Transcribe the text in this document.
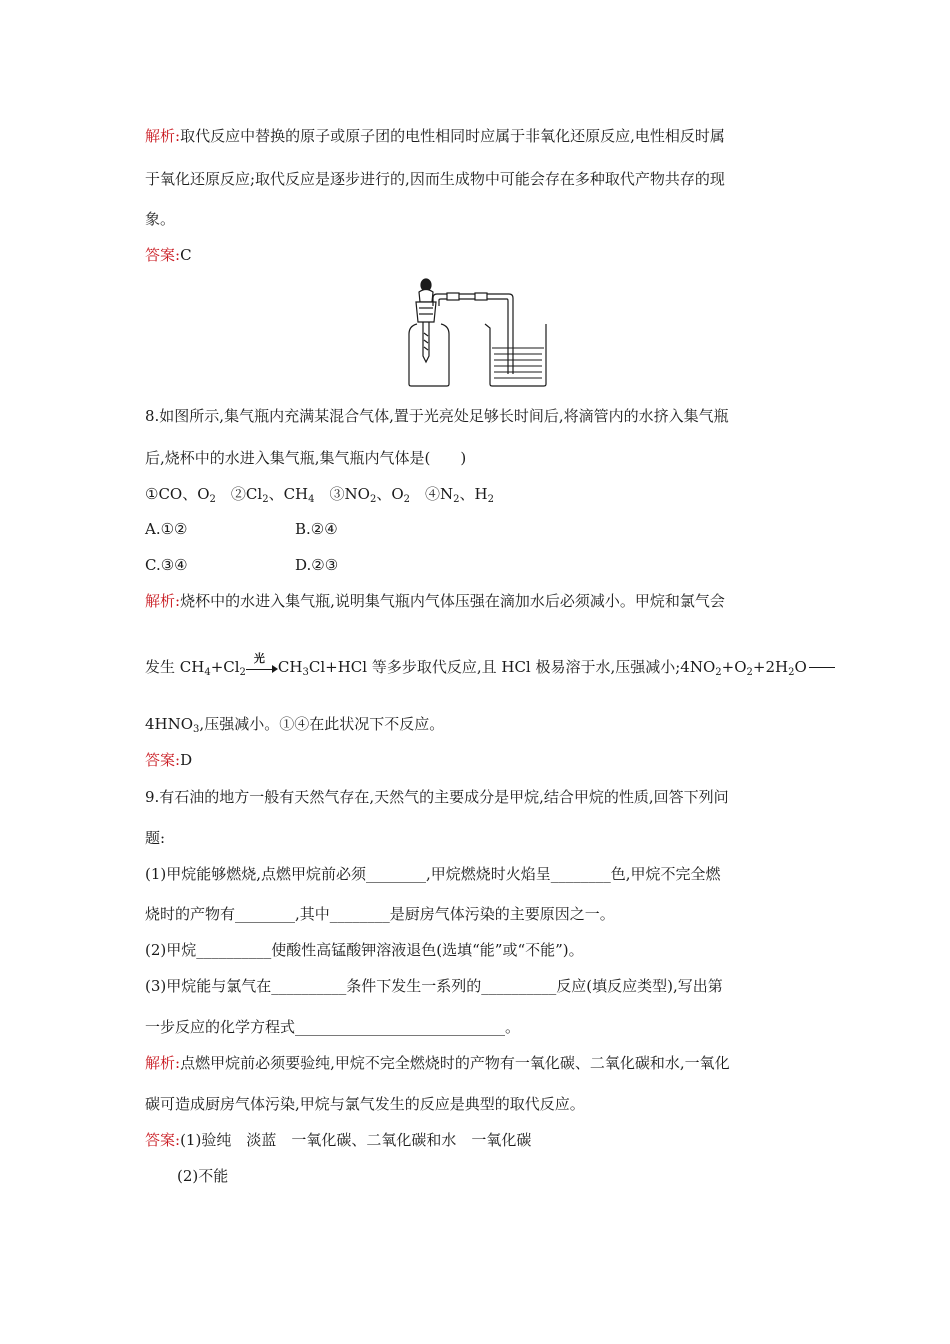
解析:取代反应中替换的原子或原子团的电性相同时应属于非氧化还原反应,电性相反时属
于氧化还原反应;取代反应是逐步进行的,因而生成物中可能会存在多种取代产物共存的现
象。
答案:C
8.如图所示,集气瓶内充满某混合气体,置于光亮处足够长时间后,将滴管内的水挤入集气瓶
后,烧杯中的水进入集气瓶,集气瓶内气体是(　　)
①CO、$O_2$　$②Cl_2$、$CH_4$　$③NO_2$、$O_2$　$④N_2$、$H_2$
A.①②	B.②④
C.③④	D.②③
解析:烧杯中的水进入集气瓶,说明集气瓶内气体压强在滴加水后必须减小。甲烷和氯气会
发生 $CH_4+Cl_2$
光 $CH_3Cl+HCl$ 等多步取代反应,且 HCl 极易溶于水,压强减小$;4NO_2+O_2+2H_2O$
$4HNO_3$,压强减小。①④在此状况下不反应。
答案:D
9.有石油的地方一般有天然气存在,天然气的主要成分是甲烷,结合甲烷的性质,回答下列问
题:
(1)甲烷能够燃烧,点燃甲烷前必须________,甲烷燃烧时火焰呈________色,甲烷不完全燃
烧时的产物有________,其中________是厨房气体污染的主要原因之一。
(2)甲烷__________使酸性高锰酸钾溶液退色(选填“能”或“不能”)。
(3)甲烷能与氯气在__________条件下发生一系列的__________反应(填反应类型),写出第
一步反应的化学方程式____________________________。
解析:点燃甲烷前必须要验纯,甲烷不完全燃烧时的产物有一氧化碳、二氧化碳和水,一氧化
碳可造成厨房气体污染,甲烷与氯气发生的反应是典型的取代反应。
答案:(1)验纯　淡蓝　一氧化碳、二氧化碳和水　一氧化碳
(2)不能
